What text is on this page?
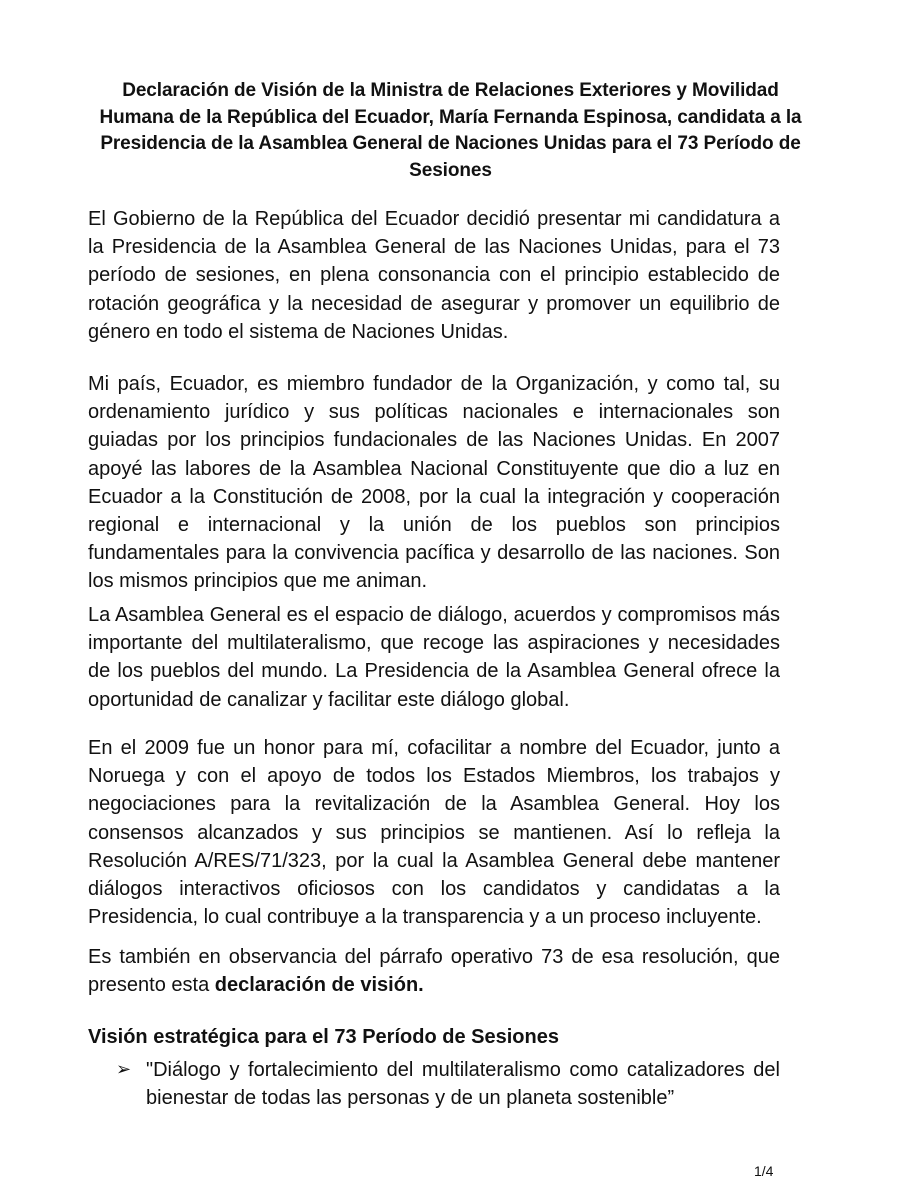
Declaración de Visión de la Ministra de Relaciones Exteriores y Movilidad Humana de la República del Ecuador, María Fernanda Espinosa, candidata a la Presidencia de la Asamblea General de Naciones Unidas para el 73 Período de Sesiones

El Gobierno de la República del Ecuador decidió presentar mi candidatura a la Presidencia de la Asamblea General de las Naciones Unidas, para el 73 período de sesiones, en plena consonancia con el principio establecido de rotación geográfica y la necesidad de asegurar y promover un equilibrio de género en todo el sistema de Naciones Unidas.

Mi país, Ecuador, es miembro fundador de la Organización, y como tal, su ordenamiento jurídico y sus políticas nacionales e internacionales son guiadas por los principios fundacionales de las Naciones Unidas. En 2007 apoyé las labores de la Asamblea Nacional Constituyente que dio a luz en Ecuador a la Constitución de 2008, por la cual la integración y cooperación regional e internacional y la unión de los pueblos son principios fundamentales para la convivencia pacífica y desarrollo de las naciones. Son los mismos principios que me animan.

La Asamblea General es el espacio de diálogo, acuerdos y compromisos más importante del multilateralismo, que recoge las aspiraciones y necesidades de los pueblos del mundo. La Presidencia de la Asamblea General ofrece la oportunidad de canalizar y facilitar este diálogo global.

En el 2009 fue un honor para mí, cofacilitar a nombre del Ecuador, junto a Noruega y con el apoyo de todos los Estados Miembros, los trabajos y negociaciones para la revitalización de la Asamblea General. Hoy los consensos alcanzados y sus principios se mantienen. Así lo refleja la Resolución A/RES/71/323, por la cual la Asamblea General debe mantener diálogos interactivos oficiosos con los candidatos y candidatas a la Presidencia, lo cual contribuye a la transparencia y a un proceso incluyente.

Es también en observancia del párrafo operativo 73 de esa resolución, que presento esta declaración de visión.

Visión estratégica para el 73 Período de Sesiones
➢ "Diálogo y fortalecimiento del multilateralismo como catalizadores del bienestar de todas las personas y de un planeta sostenible”
1/4
